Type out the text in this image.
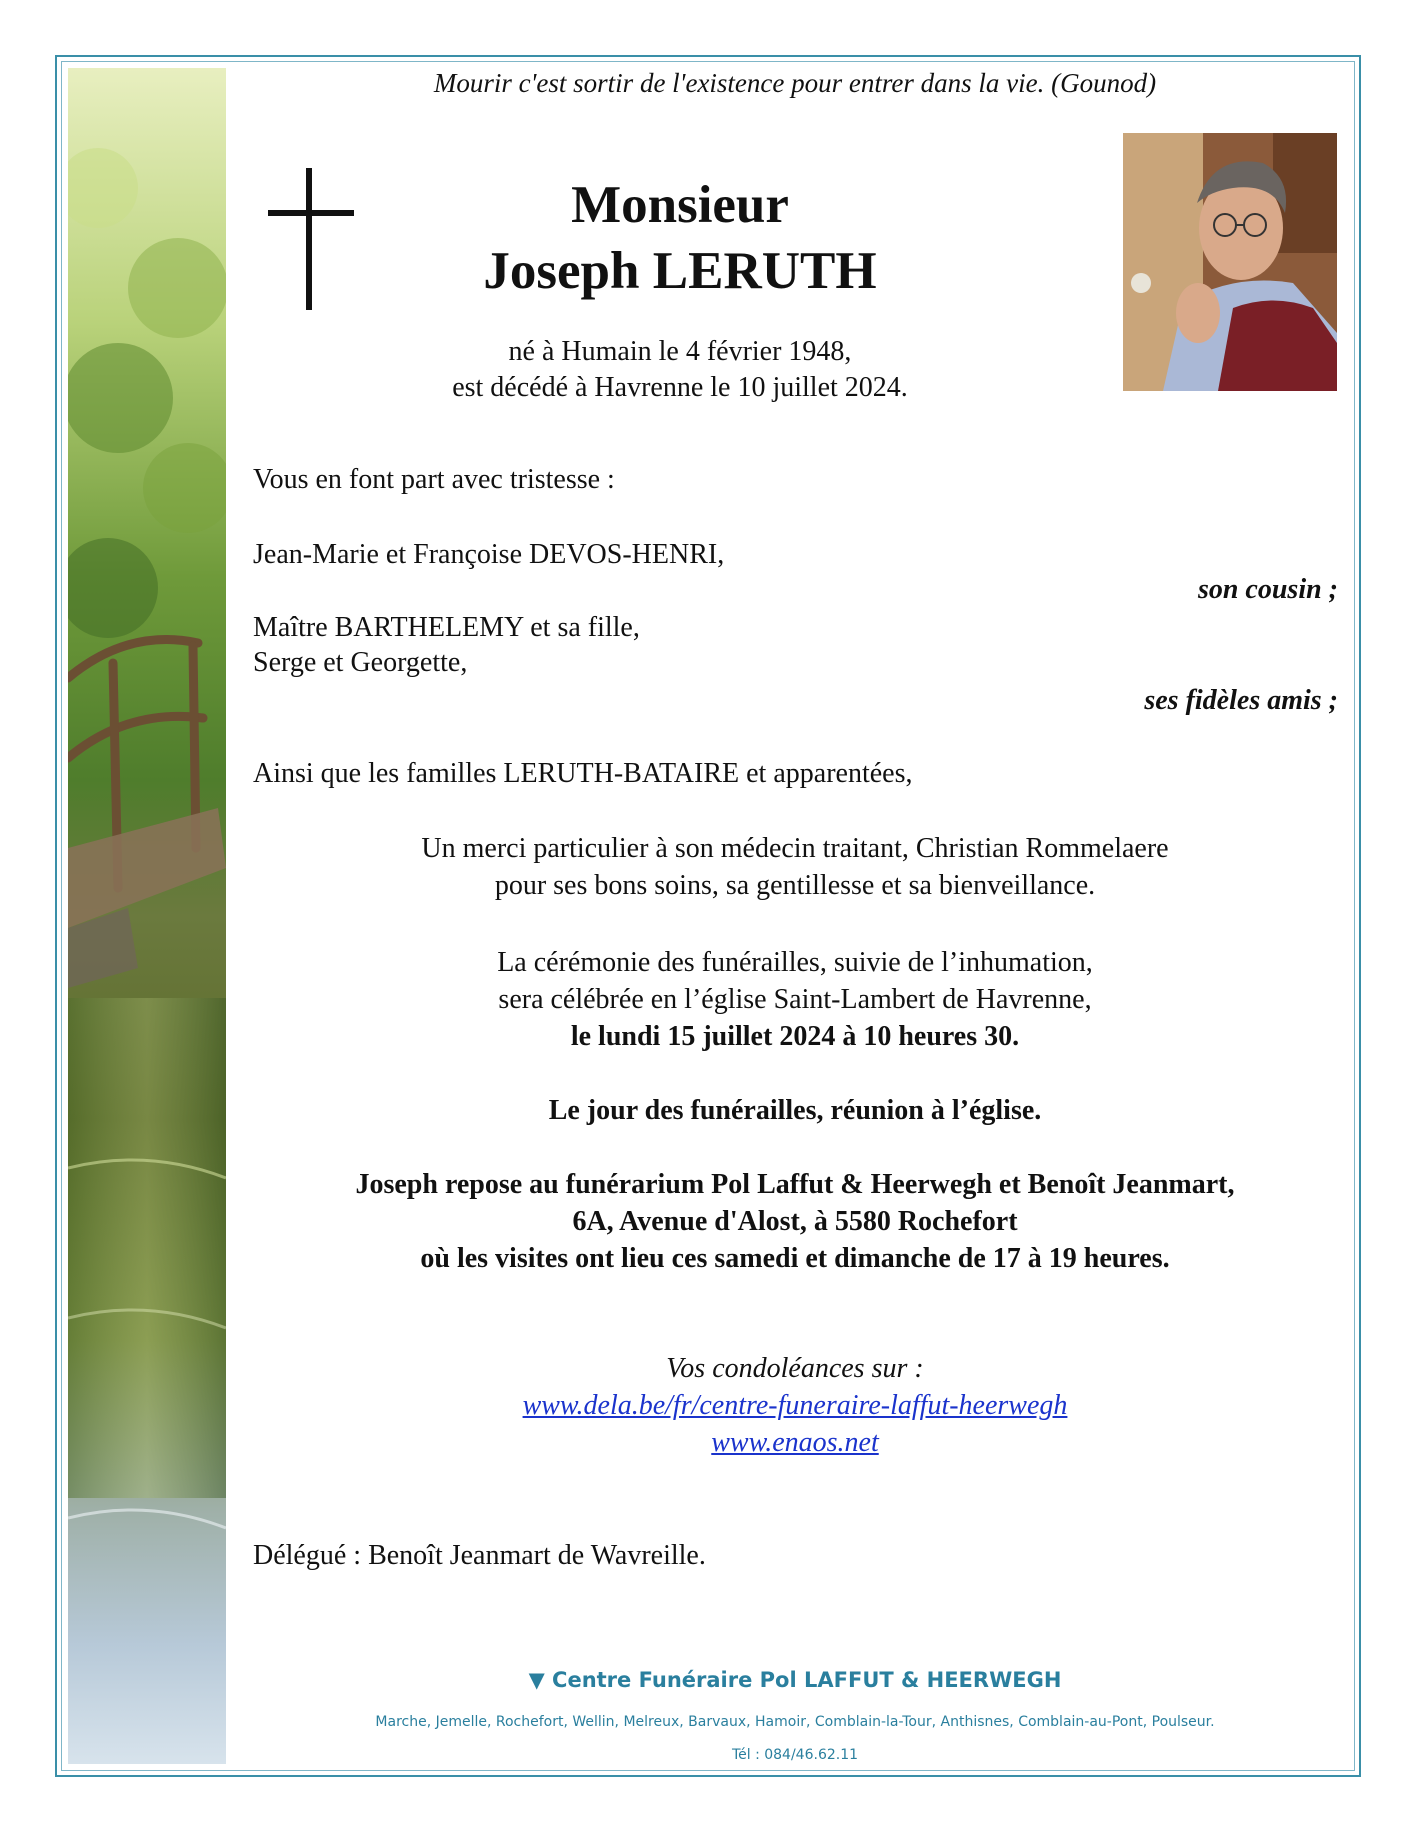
Mourir c'est sortir de l'existence pour entrer dans la vie. (Gounod)
Monsieur
Joseph LERUTH
né à Humain le 4 février 1948,
est décédé à Havrenne le 10 juillet 2024.
Vous en font part avec tristesse :
Jean-Marie et Françoise DEVOS-HENRI,
son cousin ;
Maître BARTHELEMY et sa fille,
Serge et Georgette,
ses fidèles amis ;
Ainsi que les familles LERUTH-BATAIRE et apparentées,
Un merci particulier à son médecin traitant, Christian Rommelaere
pour ses bons soins, sa gentillesse et sa bienveillance.
La cérémonie des funérailles, suivie de l’inhumation,
sera célébrée en l’église Saint-Lambert de Havrenne,
le lundi 15 juillet 2024 à 10 heures 30.
Le jour des funérailles, réunion à l’église.
Joseph repose au funérarium Pol Laffut & Heerwegh et Benoît Jeanmart,
6A, Avenue d'Alost, à 5580 Rochefort
où les visites ont lieu ces samedi et dimanche de 17 à 19 heures.
Vos condoléances sur :
www.dela.be/fr/centre-funeraire-laffut-heerwegh
www.enaos.net
Délégué : Benoît Jeanmart de Wavreille.
▼ Centre Funéraire Pol LAFFUT & HEERWEGH
Marche, Jemelle, Rochefort, Wellin, Melreux, Barvaux, Hamoir, Comblain-la-Tour, Anthisnes, Comblain-au-Pont, Poulseur.
Tél : 084/46.62.11
